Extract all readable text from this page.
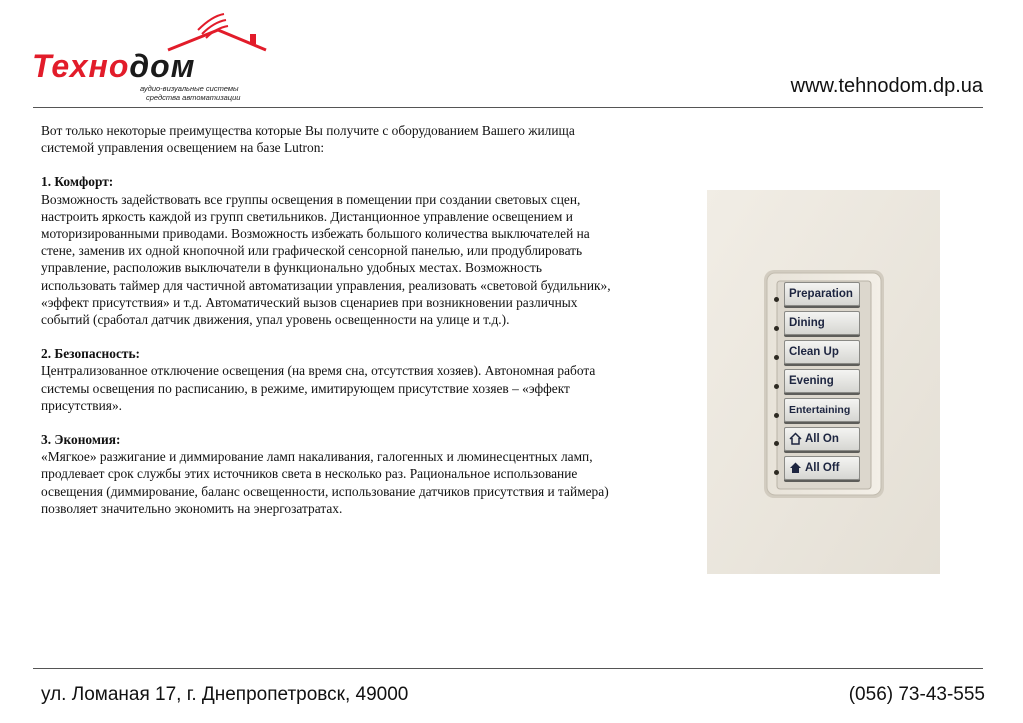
Технодом
аудио-визуальные системы
средства автоматизации
www.tehnodom.dp.ua

Вот только некоторые преимущества которые Вы получите с оборудованием Вашего жилища системой управления освещением на базе Lutron:

1. Комфорт:

Возможность задействовать все группы освещения в помещении при создании световых сцен, настроить яркость каждой из групп светильников. Дистанционное управление освещением и моторизированными приводами. Возможность избежать большого количества выключателей на стене, заменив их одной кнопочной или графической сенсорной панелью, или продублировать управление, расположив выключатели в функционально удобных местах. Возможность использовать таймер для частичной автоматизации управления, реализовать «световой будильник», «эффект присутствия» и т.д. Автоматический вызов сценариев при возникновении различных событий (сработал датчик движения, упал уровень освещенности на улице и т.д.).

2. Безопасность:

Централизованное отключение освещения (на время сна, отсутствия хозяев). Автономная работа системы освещения по расписанию, в режиме, имитирующем присутствие хозяев – «эффект присутствия».

3. Экономия:

«Мягкое» разжигание и диммирование ламп накаливания, галогенных и люминесцентных ламп, продлевает срок службы этих источников света в несколько раз. Рациональное использование освещения (диммирование, баланс освещенности, использование датчиков присутствия и таймера) позволяет значительно экономить на энергозатратах.

Preparation
Dining
Clean Up
Evening
Entertaining
All On
All Off
ул. Ломаная 17, г. Днепропетровск, 49000	(056) 73-43-555
